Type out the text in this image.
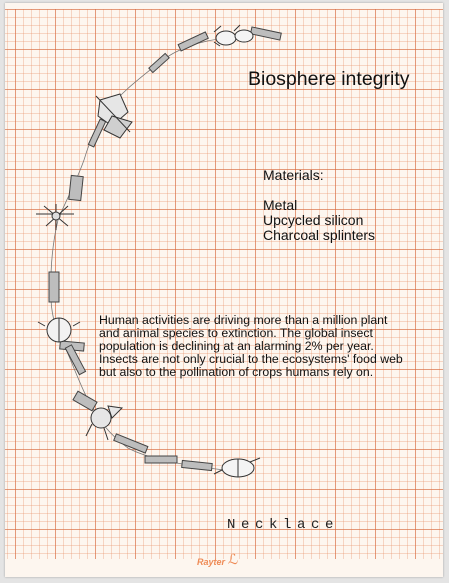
Biosphere integrity
Materials:
Metal
Upcycled silicon
Charcoal splinters
Human activities are driving more than a million plant and animal species to extinction. The global insect population is declining at an alarming 2% per year. Insects are not only crucial to the ecosystems' food web but also to the pollination of crops humans rely on.
Necklace
Rayter ℒ
